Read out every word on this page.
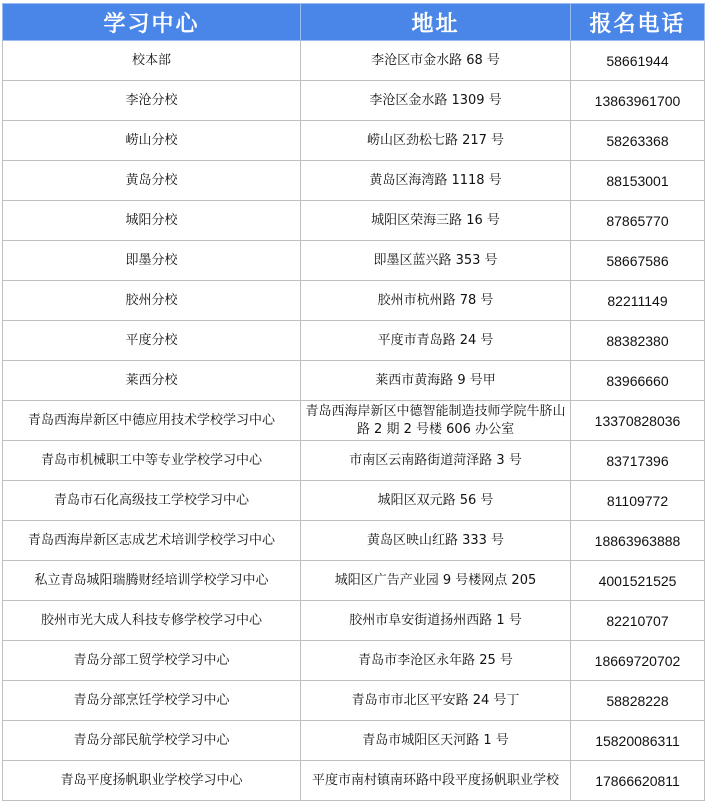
学习中心	地址	报名电话
校本部	李沧区市金水路 68 号	58661944
李沧分校	李沧区金水路 1309 号	13863961700
崂山分校	崂山区劲松七路 217 号	58263368
黄岛分校	黄岛区海湾路 1118 号	88153001
城阳分校	城阳区荣海三路 16 号	87865770
即墨分校	即墨区蓝兴路 353 号	58667586
胶州分校	胶州市杭州路 78 号	82211149
平度分校	平度市青岛路 24 号	88382380
莱西分校	莱西市黄海路 9 号甲	83966660
青岛西海岸新区中德应用技术学校学习中心	青岛西海岸新区中德智能制造技师学院牛脐山路 2 期 2 号楼 606 办公室	13370828036
青岛市机械职工中等专业学校学习中心	市南区云南路街道菏泽路 3 号	83717396
青岛市石化高级技工学校学习中心	城阳区双元路 56 号	81109772
青岛西海岸新区志成艺术培训学校学习中心	黄岛区映山红路 333 号	18863963888
私立青岛城阳瑞腾财经培训学校学习中心	城阳区广告产业园 9 号楼网点 205	4001521525
胶州市光大成人科技专修学校学习中心	胶州市阜安街道扬州西路 1 号	82210707
青岛分部工贸学校学习中心	青岛市李沧区永年路 25 号	18669720702
青岛分部烹饪学校学习中心	青岛市市北区平安路 24 号丁	58828228
青岛分部民航学校学习中心	青岛市城阳区天河路 1 号	15820086311
青岛平度扬帆职业学校学习中心	平度市南村镇南环路中段平度扬帆职业学校	17866620811
